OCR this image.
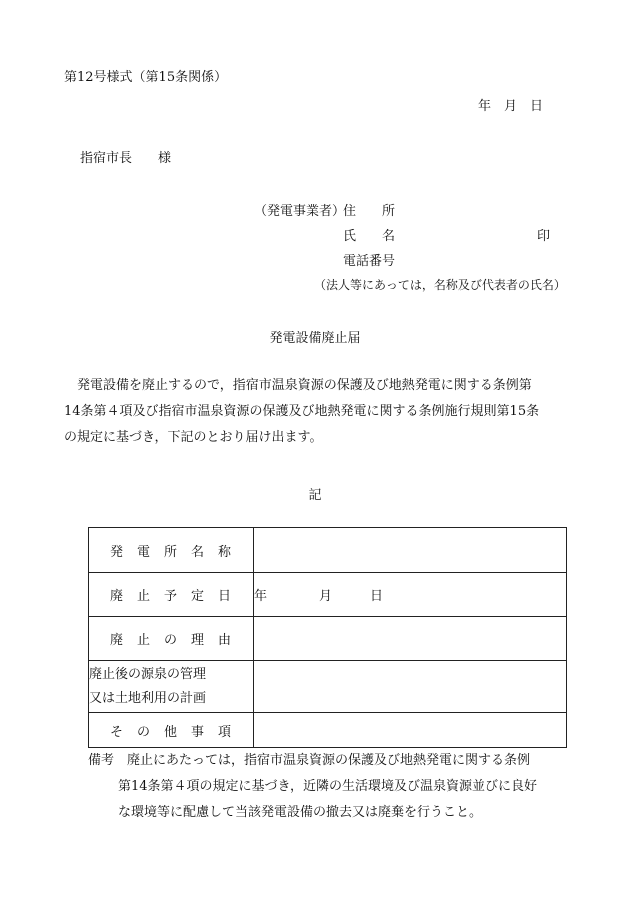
第12号様式（第15条関係）
年　月　日
指宿市長　　様
（発電事業者）
住　　所
氏　　名	印
電話番号
（法人等にあっては，名称及び代表者の氏名）
発電設備廃止届
発電設備を廃止するので，指宿市温泉資源の保護及び地熱発電に関する条例第
14条第４項及び指宿市温泉資源の保護及び地熱発電に関する条例施行規則第15条
の規定に基づき，下記のとおり届け出ます。
記
発電所名称	

廃止予定日	年 月 日

廃止の理由	

廃止後の源泉の管理
又は土地利用の計画	

その他事項	

備考　廃止にあたっては，指宿市温泉資源の保護及び地熱発電に関する条例
第14条第４項の規定に基づき，近隣の生活環境及び温泉資源並びに良好
な環境等に配慮して当該発電設備の撤去又は廃棄を行うこと。
